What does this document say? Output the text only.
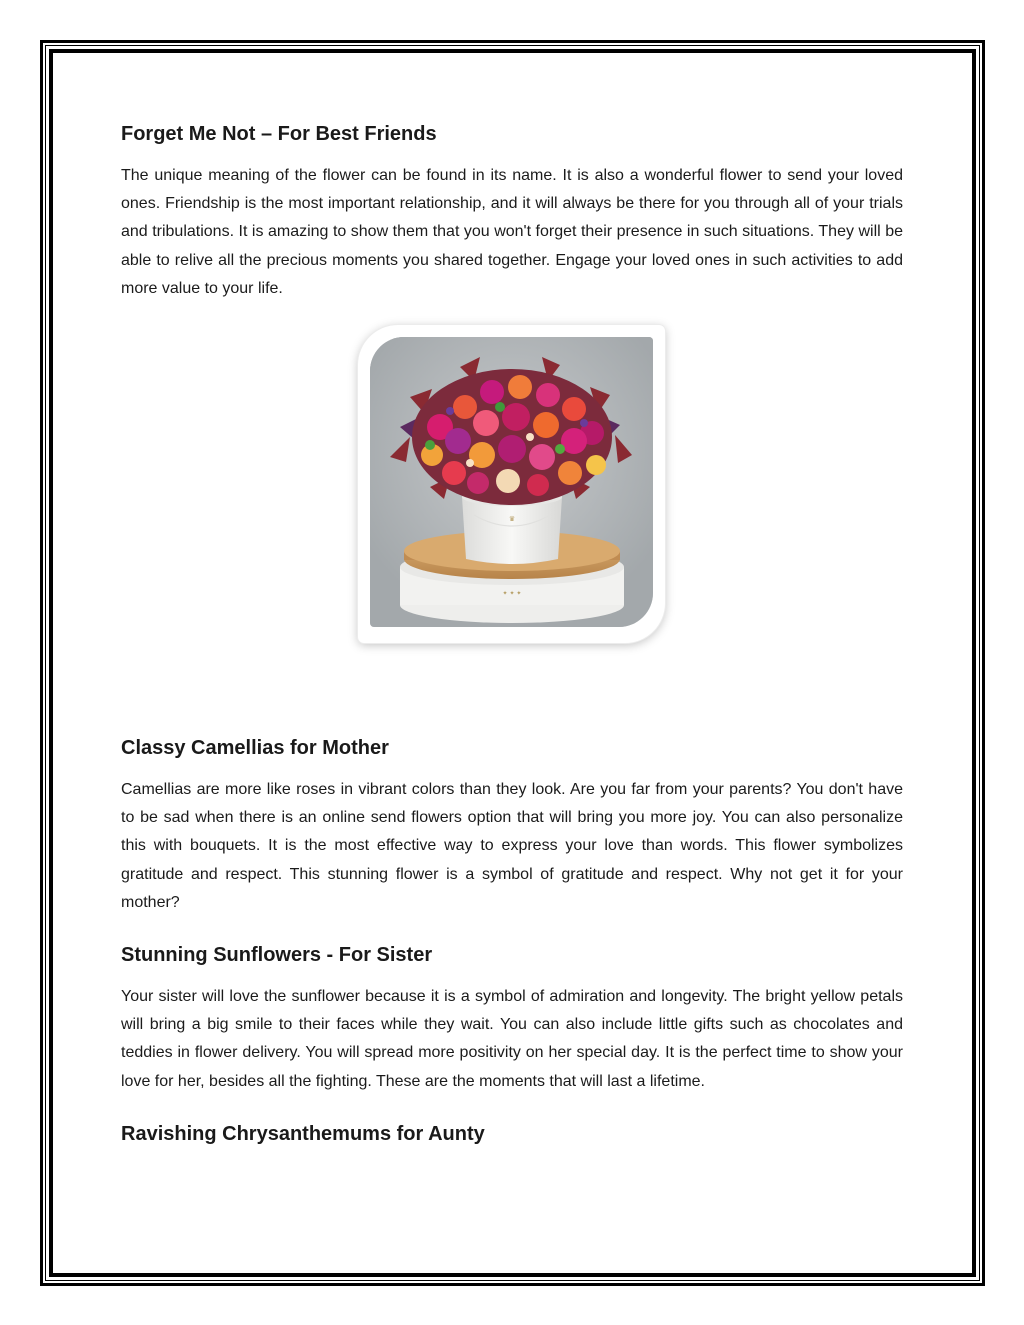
Forget Me Not – For Best Friends

The unique meaning of the flower can be found in its name. It is also a wonderful flower to send your loved ones. Friendship is the most important relationship, and it will always be there for you through all of your trials and tribulations. It is amazing to show them that you won't forget their presence in such situations. They will be able to relive all the precious moments you shared together. Engage your loved ones in such activities to add more value to your life.

✦ ✦ ✦
♛
Classy Camellias for Mother

Camellias are more like roses in vibrant colors than they look. Are you far from your parents? You don't have to be sad when there is an online send flowers option that will bring you more joy. You can also personalize this with bouquets. It is the most effective way to express your love than words. This flower symbolizes gratitude and respect. This stunning flower is a symbol of gratitude and respect. Why not get it for your mother?

Stunning Sunflowers - For Sister

Your sister will love the sunflower because it is a symbol of admiration and longevity. The bright yellow petals will bring a big smile to their faces while they wait. You can also include little gifts such as chocolates and teddies in flower delivery. You will spread more positivity on her special day. It is the perfect time to show your love for her, besides all the fighting. These are the moments that will last a lifetime.

Ravishing Chrysanthemums for Aunty
